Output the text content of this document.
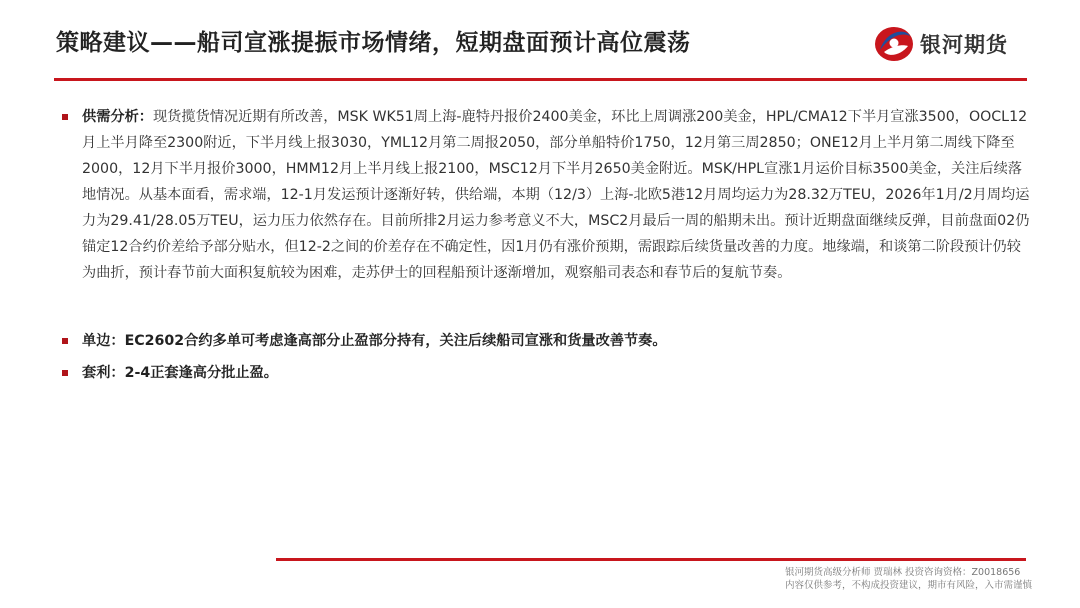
策略建议——船司宣涨提振市场情绪，短期盘面预计高位震荡	银河期货
供需分析：现货揽货情况近期有所改善，MSK WK51周上海-鹿特丹报价2400美金，环比上周调涨200美金，HPL/CMA12下半月宣涨3500，OOCL12月上半月降至2300附近，下半月线上报3030，YML12月第二周报2050，部分单船特价1750，12月第三周2850；ONE12月上半月第二周线下降至2000，12月下半月报价3000，HMM12月上半月线上报2100，MSC12月下半月2650美金附近。MSK/HPL宣涨1月运价目标3500美金，关注后续落地情况。从基本面看，需求端，12-1月发运预计逐渐好转，供给端，本期（12/3）上海-北欧5港12月周均运力为28.32万TEU，2026年1月/2月周均运力为29.41/28.05万TEU，运力压力依然存在。目前所排2月运力参考意义不大，MSC2月最后一周的船期未出。预计近期盘面继续反弹，目前盘面02仍锚定12合约价差给予部分贴水，但12-2之间的价差存在不确定性，因1月仍有涨价预期，需跟踪后续货量改善的力度。地缘端，和谈第二阶段预计仍较为曲折，预计春节前大面积复航较为困难，走苏伊士的回程船预计逐渐增加，观察船司表态和春节后的复航节奏。
单边：EC2602合约多单可考虑逢高部分止盈部分持有，关注后续船司宣涨和货量改善节奏。
套利：2-4正套逢高分批止盈。
银河期货高级分析师 贾瑞林 投资咨询资格：Z0018656
内容仅供参考，不构成投资建议，期市有风险，入市需谨慎
